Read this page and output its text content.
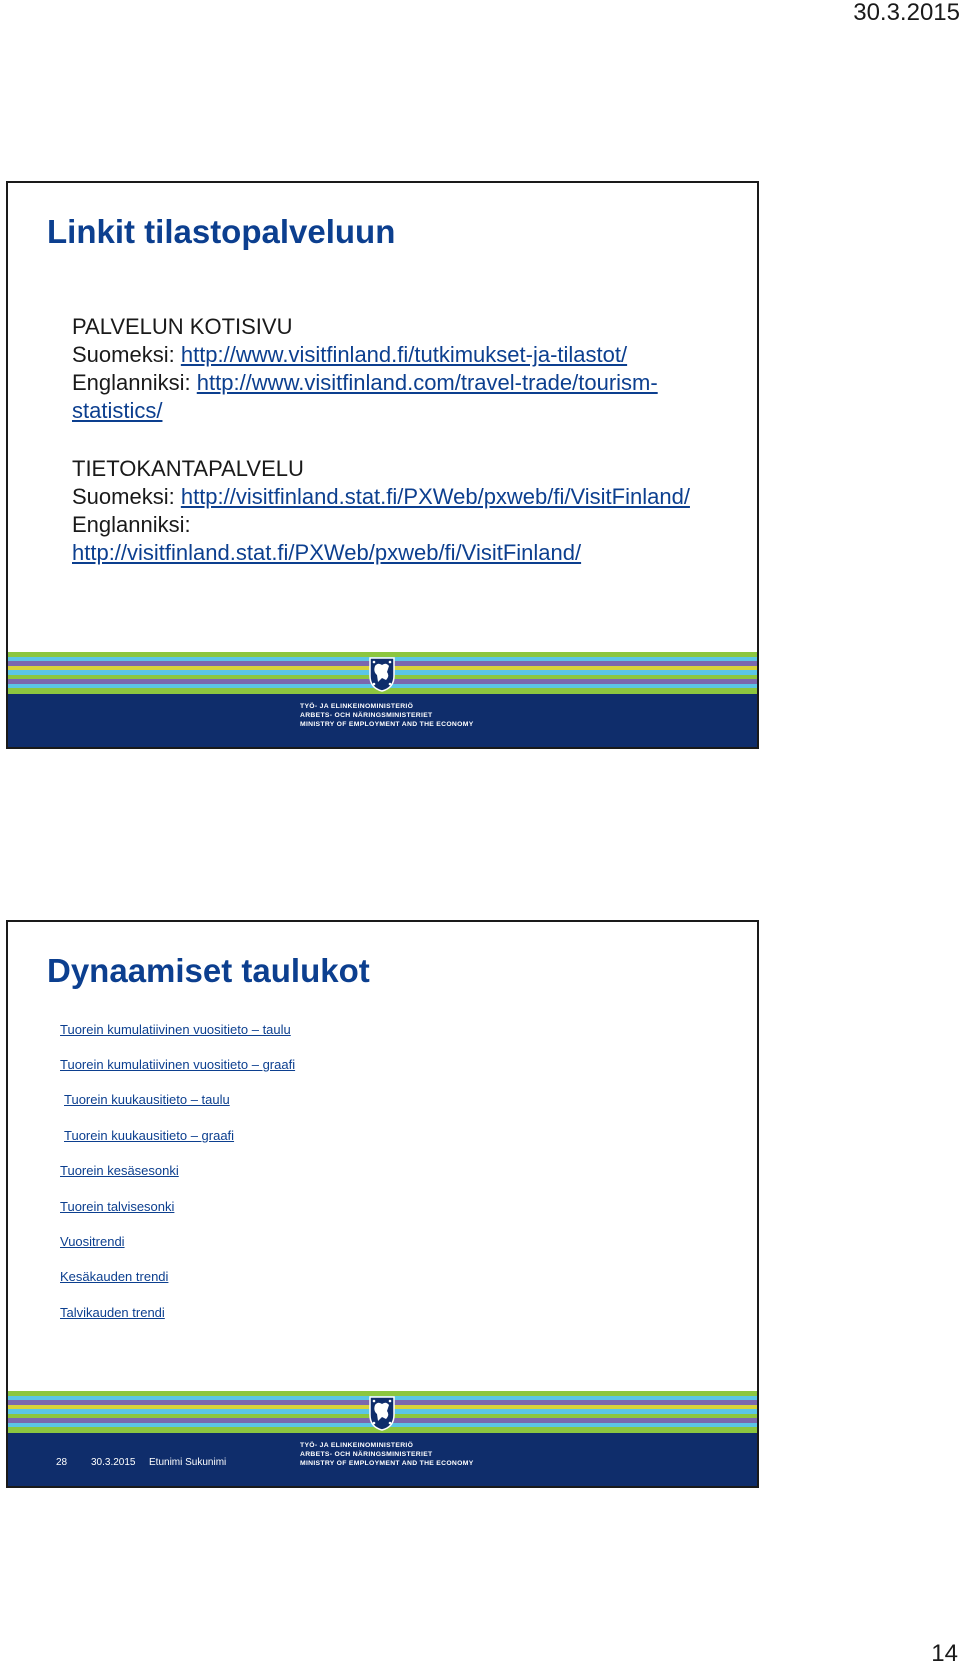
30.3.2015
Linkit tilastopalveluun
PALVELUN KOTISIVU
Suomeksi: http://www.visitfinland.fi/tutkimukset-ja-tilastot/
Englanniksi: http://www.visitfinland.com/travel-trade/tourism-
statistics/
TIETOKANTAPALVELU
Suomeksi: http://visitfinland.stat.fi/PXWeb/pxweb/fi/VisitFinland/
Englanniksi:
http://visitfinland.stat.fi/PXWeb/pxweb/fi/VisitFinland/
TYÖ- JA ELINKEINOMINISTERIÖ
ARBETS- OCH NÄRINGSMINISTERIET
MINISTRY OF EMPLOYMENT AND THE ECONOMY
Dynaamiset taulukot
Tuorein kumulatiivinen vuositieto – taulu
Tuorein kumulatiivinen vuositieto – graafi
Tuorein kuukausitieto – taulu
Tuorein kuukausitieto – graafi
Tuorein kesäsesonki
Tuorein talvisesonki
Vuositrendi
Kesäkauden trendi
Talvikauden trendi
TYÖ- JA ELINKEINOMINISTERIÖ
ARBETS- OCH NÄRINGSMINISTERIET
MINISTRY OF EMPLOYMENT AND THE ECONOMY
28 30.3.2015 Etunimi Sukunimi
14
